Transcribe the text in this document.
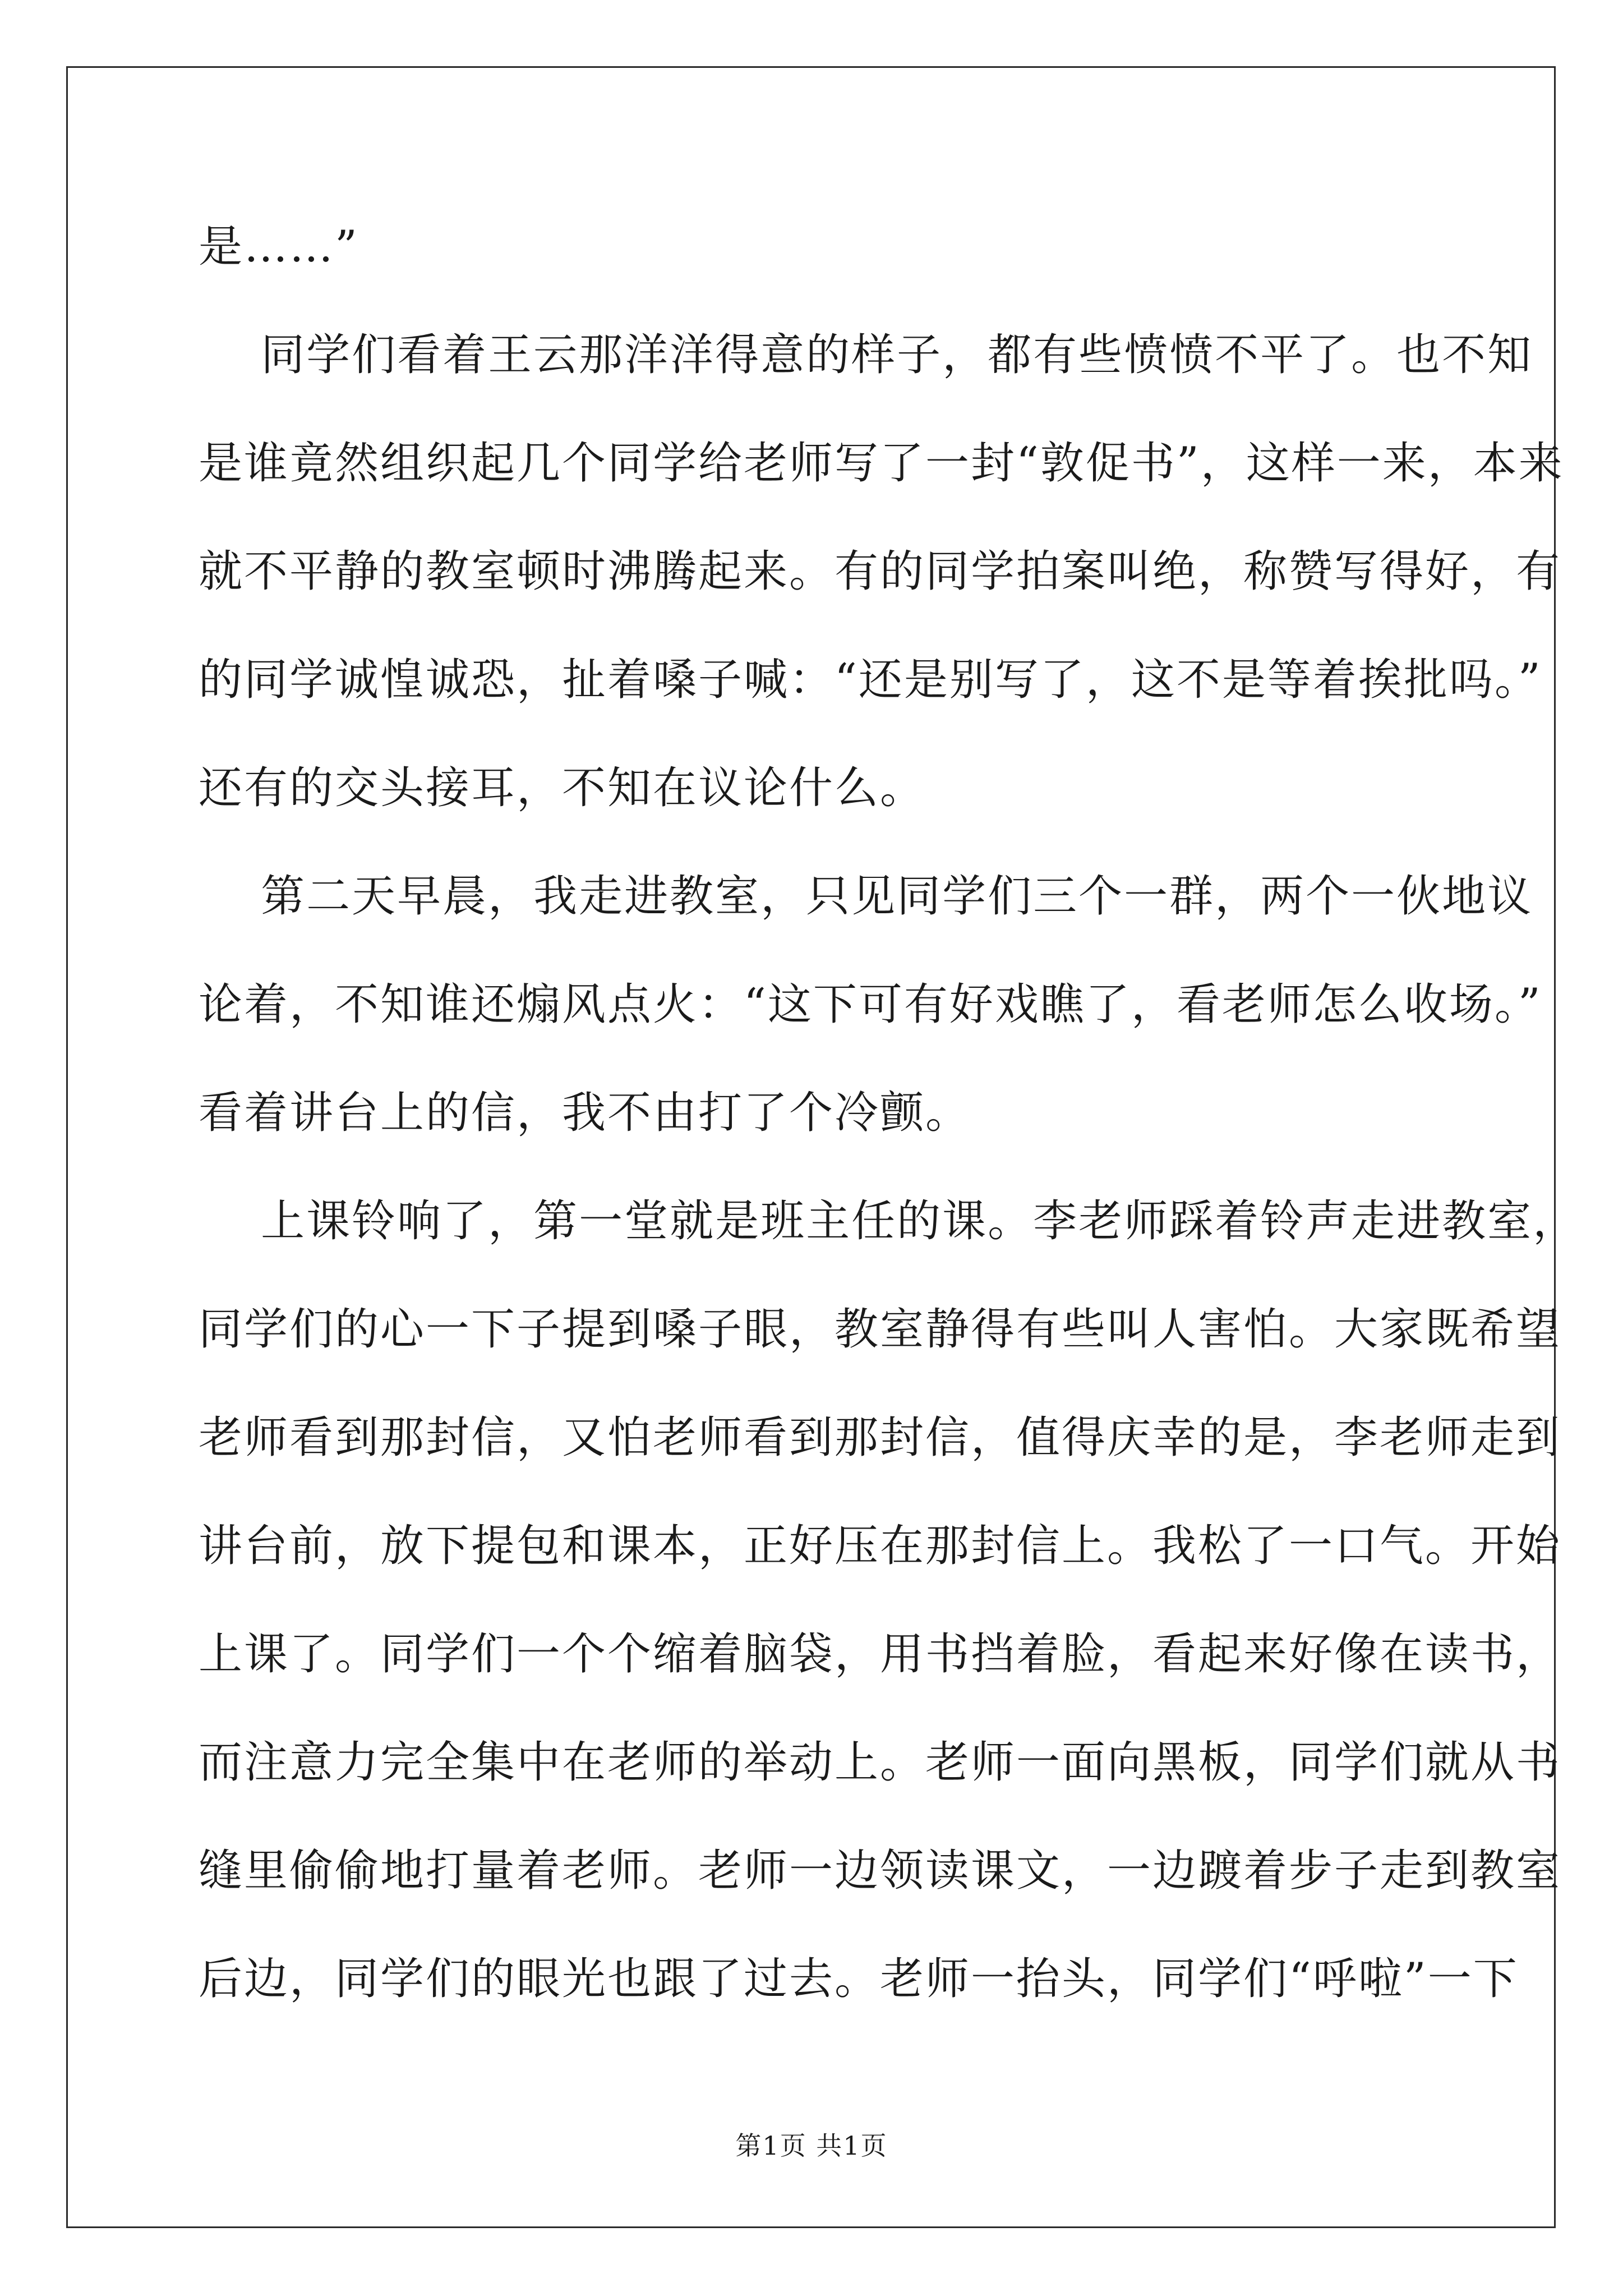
是……”
同学们看着王云那洋洋得意的样子，都有些愤愤不平了。也不知
是谁竟然组织起几个同学给老师写了一封“敦促书”，这样一来，本来
就不平静的教室顿时沸腾起来。有的同学拍案叫绝，称赞写得好，有
的同学诚惶诚恐，扯着嗓子喊：“还是别写了，这不是等着挨批吗。”
还有的交头接耳，不知在议论什么。
第二天早晨，我走进教室，只见同学们三个一群，两个一伙地议
论着，不知谁还煽风点火：“这下可有好戏瞧了，看老师怎么收场。”
看着讲台上的信，我不由打了个冷颤。
上课铃响了，第一堂就是班主任的课。李老师踩着铃声走进教室，
同学们的心一下子提到嗓子眼，教室静得有些叫人害怕。大家既希望
老师看到那封信，又怕老师看到那封信，值得庆幸的是，李老师走到
讲台前，放下提包和课本，正好压在那封信上。我松了一口气。开始
上课了。同学们一个个缩着脑袋，用书挡着脸，看起来好像在读书，
而注意力完全集中在老师的举动上。老师一面向黑板，同学们就从书
缝里偷偷地打量着老师。老师一边领读课文，一边踱着步子走到教室
后边，同学们的眼光也跟了过去。老师一抬头，同学们“呼啦”一下
第1页 共1页
